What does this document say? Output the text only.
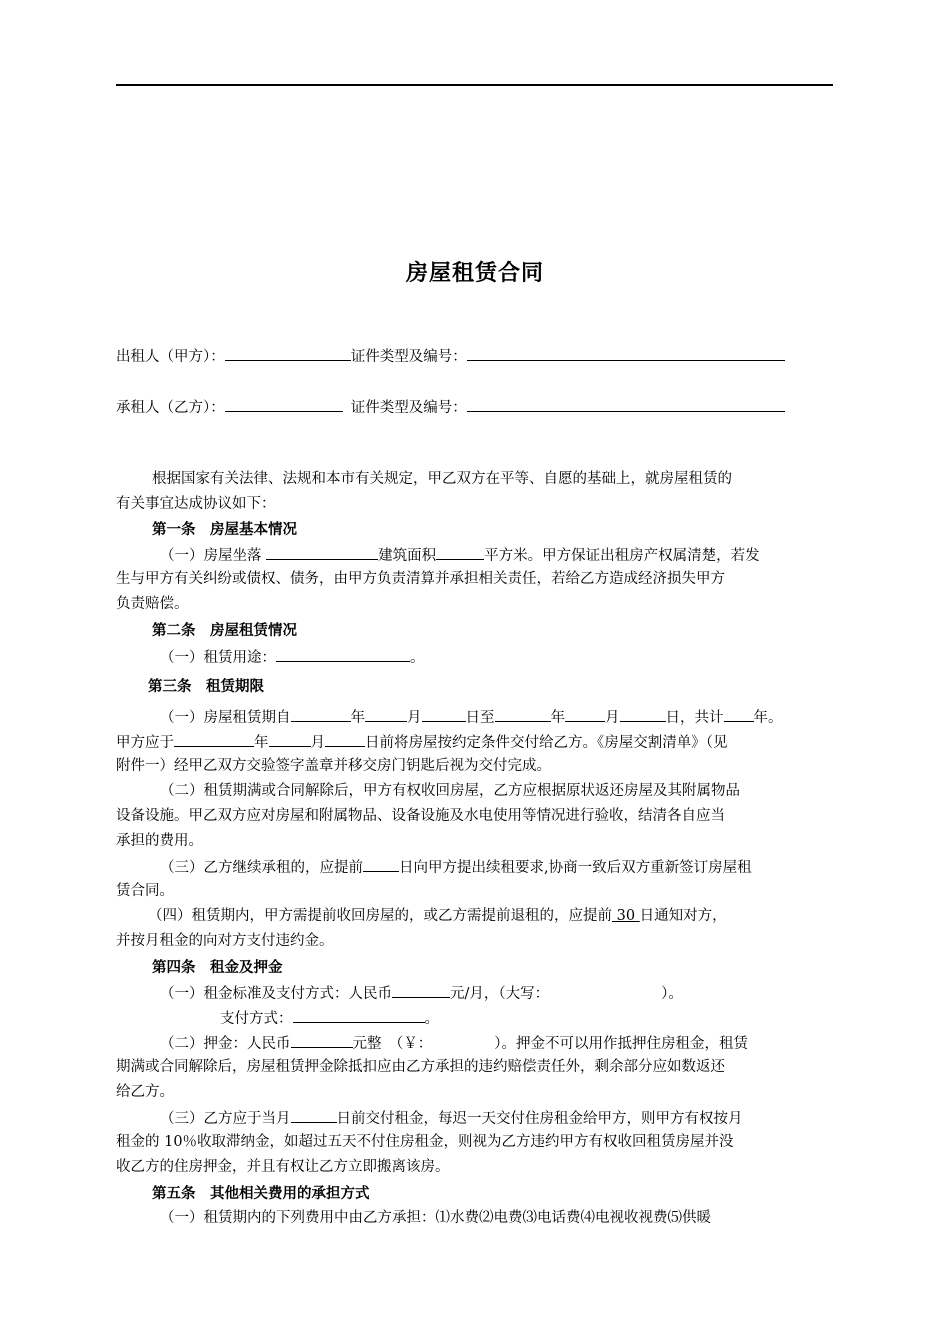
房屋租赁合同
出租人（甲方）：	证件类型及编号：
承租人（乙方）：	证件类型及编号：
根据国家有关法律、法规和本市有关规定，甲乙双方在平等、自愿的基础上，就房屋租赁的
有关事宜达成协议如下：
第一条　房屋基本情况
（一）房屋坐落	建筑面积	平方米。甲方保证出租房产权属清楚，若发
生与甲方有关纠纷或债权、债务，由甲方负责清算并承担相关责任，若给乙方造成经济损失甲方
负责赔偿。
第二条　房屋租赁情况
（一）租赁用途：	。
第三条　租赁期限
（一）房屋租赁期自	年	月	日至	年	月	日，共计 年。
甲方应于	年	月	日前将房屋按约定条件交付给乙方。《房屋交割清单》（见
附件一）经甲乙双方交验签字盖章并移交房门钥匙后视为交付完成。
（二）租赁期满或合同解除后，甲方有权收回房屋，乙方应根据原状返还房屋及其附属物品
设备设施。甲乙双方应对房屋和附属物品、设备设施及水电使用等情况进行验收，结清各自应当
承担的费用。
（三）乙方继续承租的，应提前 日向甲方提出续租要求,协商一致后双方重新签订房屋租
赁合同。
（四）租赁期内，甲方需提前收回房屋的，或乙方需提前退租的，应提前 30 日通知对方，
并按月租金的向对方支付违约金。
第四条　租金及押金
（一）租金标准及支付方式：人民币	元/月，（大写：	）。
支付方式：	。
（二）押金：人民币	元整　（￥：	）。押金不可以用作抵押住房租金，租赁
期满或合同解除后，房屋租赁押金除抵扣应由乙方承担的违约赔偿责任外，剩余部分应如数返还
给乙方。
（三）乙方应于当月	日前交付租金，每迟一天交付住房租金给甲方，则甲方有权按月
租金的 10％收取滞纳金，如超过五天不付住房租金，则视为乙方违约甲方有权收回租赁房屋并没
收乙方的住房押金，并且有权让乙方立即搬离该房。
第五条　其他相关费用的承担方式
（一）租赁期内的下列费用中由乙方承担：⑴水费⑵电费⑶电话费⑷电视收视费⑸供暖
